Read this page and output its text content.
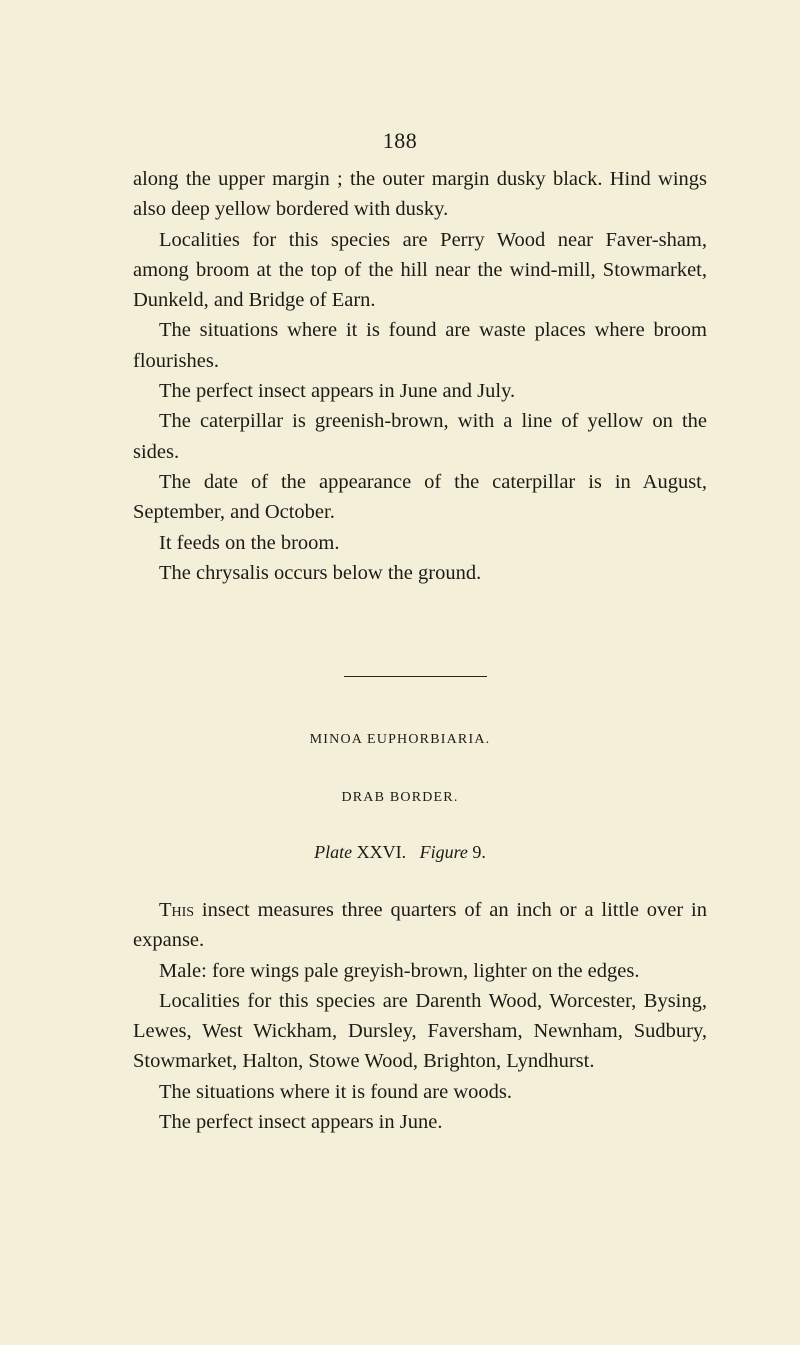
188

along the upper margin ; the outer margin dusky black. Hind wings also deep yellow bordered with dusky.

Localities for this species are Perry Wood near Faver-sham, among broom at the top of the hill near the wind-mill, Stowmarket, Dunkeld, and Bridge of Earn.

The situations where it is found are waste places where broom flourishes.

The perfect insect appears in June and July.

The caterpillar is greenish-brown, with a line of yellow on the sides.

The date of the appearance of the caterpillar is in August, September, and October.

It feeds on the broom.

The chrysalis occurs below the ground.

MINOA EUPHORBIARIA.
DRAB BORDER.
Plate XXVI. Figure 9.

This insect measures three quarters of an inch or a little over in expanse.

Male: fore wings pale greyish-brown, lighter on the edges.

Localities for this species are Darenth Wood, Worcester, Bysing, Lewes, West Wickham, Dursley, Faversham, Newnham, Sudbury, Stowmarket, Halton, Stowe Wood, Brighton, Lyndhurst.

The situations where it is found are woods.

The perfect insect appears in June.
